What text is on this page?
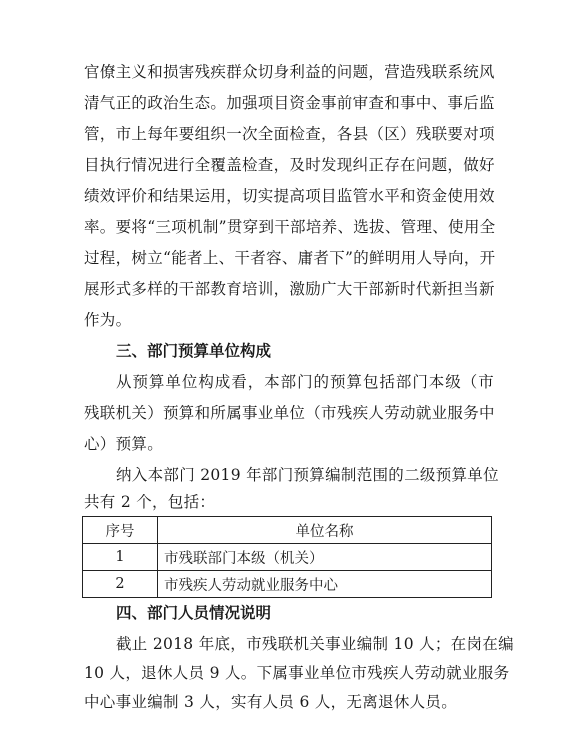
官僚主义和损害残疾群众切身利益的问题，营造残联系统风
清气正的政治生态。加强项目资金事前审查和事中、事后监
管，市上每年要组织一次全面检查，各县（区）残联要对项
目执行情况进行全覆盖检查，及时发现纠正存在问题，做好
绩效评价和结果运用，切实提高项目监管水平和资金使用效
率。要将“三项机制”贯穿到干部培养、选拔、管理、使用全
过程，树立“能者上、干者容、庸者下”的鲜明用人导向，开
展形式多样的干部教育培训，激励广大干部新时代新担当新
作为。
三、部门预算单位构成
从预算单位构成看，本部门的预算包括部门本级（市
残联机关）预算和所属事业单位（市残疾人劳动就业服务中
心）预算。
纳入本部门 2019 年部门预算编制范围的二级预算单位
共有 2 个，包括：
序号	单位名称
1	市残联部门本级（机关）
2	市残疾人劳动就业服务中心
四、部门人员情况说明
截止 2018 年底，市残联机关事业编制 10 人；在岗在编
10 人，退休人员 9 人。下属事业单位市残疾人劳动就业服务
中心事业编制 3 人，实有人员 6 人，无离退休人员。
